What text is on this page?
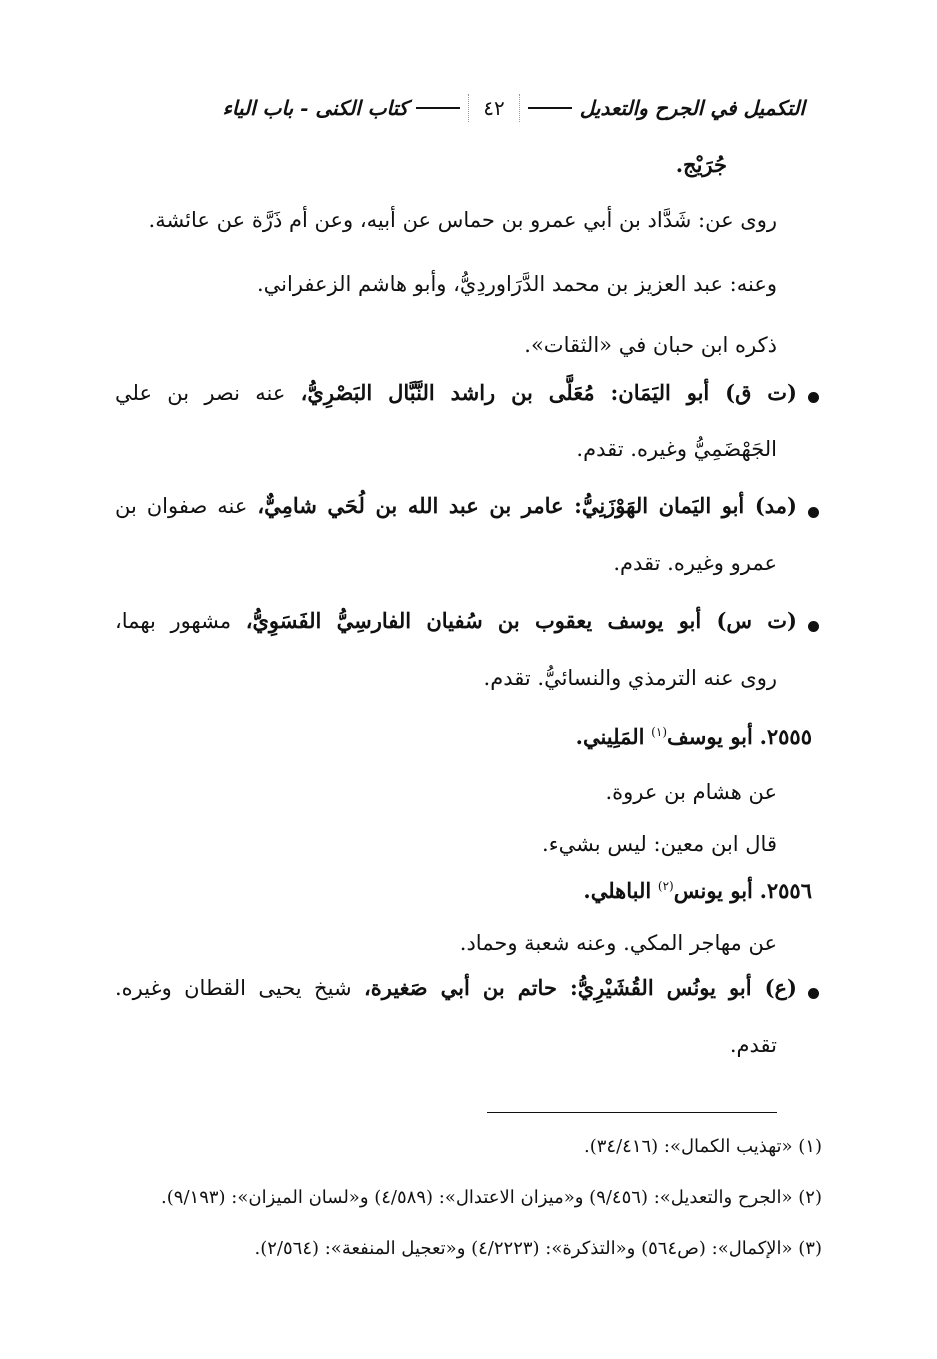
التكميل في الجرح والتعديل
٤٢
كتاب الكنى - باب الياء
جُرَيْج.
روى عن: شَدَّاد بن أبي عمرو بن حماس عن أبيه، وعن أم ذَرَّة عن عائشة.
وعنه: عبد العزيز بن محمد الدَّرَاوردِيُّ، وأبو هاشم الزعفراني.
ذكره ابن حبان في «الثقات».
(ت ق) أبو اليَمَان: مُعَلَّى بن راشد النَّبَّال البَصْرِيُّ، عنه نصر بن علي
الجَهْضَمِيُّ وغيره. تقدم.
(مد) أبو اليَمان الهَوْزَنِيُّ: عامر بن عبد الله بن لُحَي شامِيٌّ، عنه صفوان بن
عمرو وغيره. تقدم.
(ت س) أبو يوسف يعقوب بن سُفيان الفارسِيُّ الفَسَوِيُّ، مشهور بهما،
روى عنه الترمذي والنسائيُّ. تقدم.
٢٥٥٥. أبو يوسف$^{(١)}$ المَلِيني.
عن هشام بن عروة.
قال ابن معين: ليس بشيء.
٢٥٥٦. أبو يونس$^{(٢)}$ الباهلي.
عن مهاجر المكي. وعنه شعبة وحماد.
(ع) أبو يونُس القُشَيْرِيُّ: حاتم بن أبي صَغيرة، شيخ يحيى القطان وغيره.
تقدم.
(١) «تهذيب الكمال»: (٣٤/٤١٦).
(٢) «الجرح والتعديل»: (٩/٤٥٦) و«ميزان الاعتدال»: (٤/٥٨٩) و«لسان الميزان»: (٩/١٩٣).
(٣) «الإكمال»: (ص٥٦٤) و«التذكرة»: (٤/٢٢٢٣) و«تعجيل المنفعة»: (٢/٥٦٤).
